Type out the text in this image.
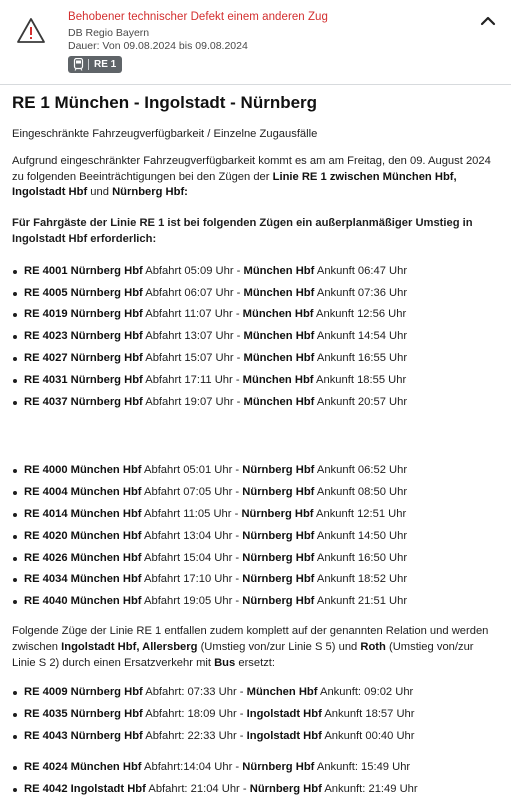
Behobener technischer Defekt einem anderen Zug
DB Regio Bayern
Dauer: Von 09.08.2024 bis 09.08.2024
RE 1
RE 1 München - Ingolstadt - Nürnberg

Eingeschränkte Fahrzeugverfügbarkeit / Einzelne Zugausfälle

Aufgrund eingeschränkter Fahrzeugverfügbarkeit kommt es am am Freitag, den 09. August 2024 zu folgenden Beeinträchtigungen bei den Zügen der Linie RE 1 zwischen München Hbf, Ingolstadt Hbf und Nürnberg Hbf:

Für Fahrgäste der Linie RE 1 ist bei folgenden Zügen ein außerplanmäßiger Umstieg in Ingolstadt Hbf erforderlich:

RE 4001 Nürnberg Hbf Abfahrt 05:09 Uhr - München Hbf Ankunft 06:47 Uhr
RE 4005 Nürnberg Hbf Abfahrt 06:07 Uhr - München Hbf Ankunft 07:36 Uhr
RE 4019 Nürnberg Hbf Abfahrt 11:07 Uhr - München Hbf Ankunft 12:56 Uhr
RE 4023 Nürnberg Hbf Abfahrt 13:07 Uhr - München Hbf Ankunft 14:54 Uhr
RE 4027 Nürnberg Hbf Abfahrt 15:07 Uhr - München Hbf Ankunft 16:55 Uhr
RE 4031 Nürnberg Hbf Abfahrt 17:11 Uhr - München Hbf Ankunft 18:55 Uhr
RE 4037 Nürnberg Hbf Abfahrt 19:07 Uhr - München Hbf Ankunft 20:57 Uhr
RE 4000 München Hbf Abfahrt 05:01 Uhr - Nürnberg Hbf Ankunft 06:52 Uhr
RE 4004 München Hbf Abfahrt 07:05 Uhr - Nürnberg Hbf Ankunft 08:50 Uhr
RE 4014 München Hbf Abfahrt 11:05 Uhr - Nürnberg Hbf Ankunft 12:51 Uhr
RE 4020 München Hbf Abfahrt 13:04 Uhr - Nürnberg Hbf Ankunft 14:50 Uhr
RE 4026 München Hbf Abfahrt 15:04 Uhr - Nürnberg Hbf Ankunft 16:50 Uhr
RE 4034 München Hbf Abfahrt 17:10 Uhr - Nürnberg Hbf Ankunft 18:52 Uhr
RE 4040 München Hbf Abfahrt 19:05 Uhr - Nürnberg Hbf Ankunft 21:51 Uhr

Folgende Züge der Linie RE 1 entfallen zudem komplett auf der genannten Relation und werden zwischen Ingolstadt Hbf, Allersberg (Umstieg von/zur Linie S 5) und Roth (Umstieg von/zur Linie S 2) durch einen Ersatzverkehr mit Bus ersetzt:

RE 4009 Nürnberg Hbf Abfahrt: 07:33 Uhr - München Hbf Ankunft: 09:02 Uhr
RE 4035 Nürnberg Hbf Abfahrt: 18:09 Uhr - Ingolstadt Hbf Ankunft 18:57 Uhr
RE 4043 Nürnberg Hbf Abfahrt: 22:33 Uhr - Ingolstadt Hbf Ankunft 00:40 Uhr
RE 4024 München Hbf Abfahrt:14:04 Uhr - Nürnberg Hbf Ankunft: 15:49 Uhr
RE 4042 Ingolstadt Hbf Abfahrt: 21:04 Uhr - Nürnberg Hbf Ankunft: 21:49 Uhr
